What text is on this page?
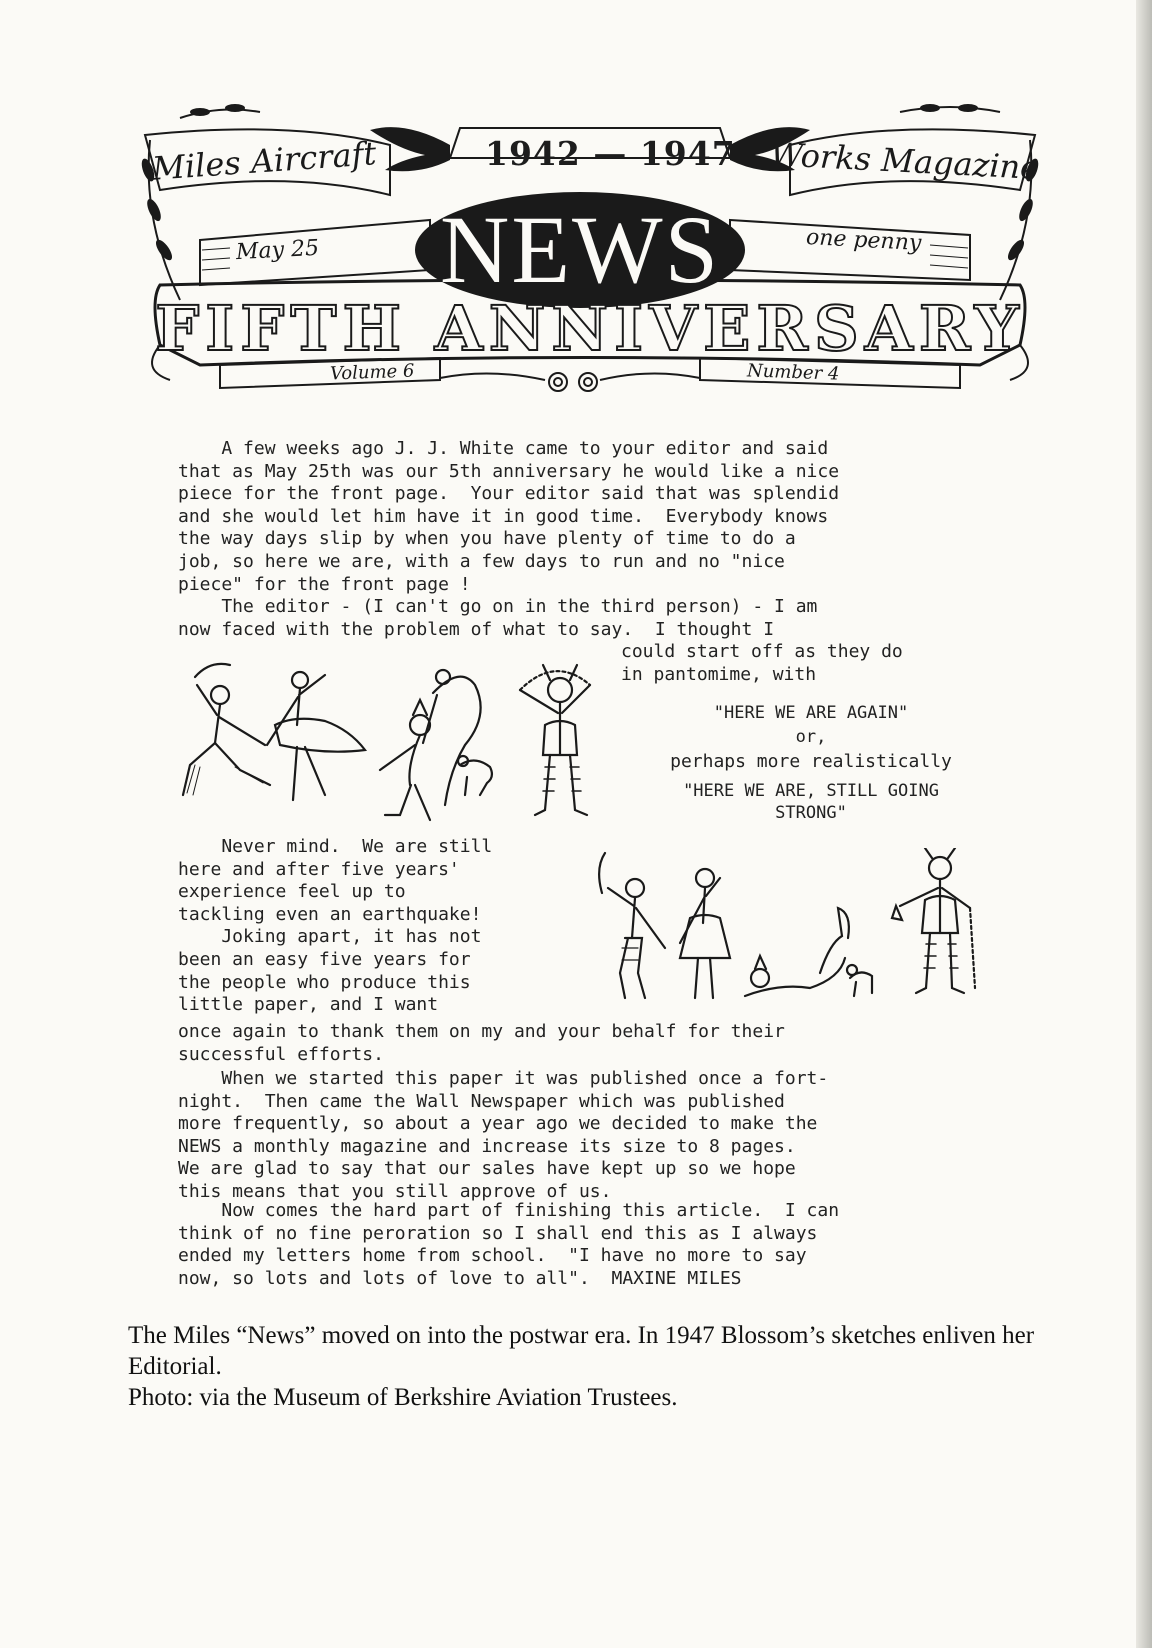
Miles Aircraft	1942 — 1947 Works Magazine
NEWS
May 25	one penny
FIFTH ANNIVERSARY
Volume 6	Number 4
A few weeks ago J. J. White came to your editor and said
that as May 25th was our 5th anniversary he would like a nice
piece for the front page.  Your editor said that was splendid
and she would let him have it in good time.  Everybody knows
the way days slip by when you have plenty of time to do a
job, so here we are, with a few days to run and no "nice
piece" for the front page !
The editor - (I can't go on in the third person) - I am
now faced with the problem of what to say.  I thought I
could start off as they do
in pantomime, with
"HERE WE ARE AGAIN"
or,
perhaps more realistically
"HERE WE ARE, STILL GOING
STRONG"
Never mind.  We are still
here and after five years'
experience feel up to
tackling even an earthquake!
Joking apart, it has not
been an easy five years for
the people who produce this
little paper, and I want
once again to thank them on my and your behalf for their
successful efforts.
When we started this paper it was published once a fort-
night.  Then came the Wall Newspaper which was published
more frequently, so about a year ago we decided to make the
NEWS a monthly magazine and increase its size to 8 pages.
We are glad to say that our sales have kept up so we hope
this means that you still approve of us.
Now comes the hard part of finishing this article.  I can
think of no fine peroration so I shall end this as I always
ended my letters home from school.  "I have no more to say
now, so lots and lots of love to all".  MAXINE MILES
The Miles “News” moved on into the postwar era. In 1947 Blossom’s sketches enliven her Editorial.
Photo: via the Museum of Berkshire Aviation Trustees.
